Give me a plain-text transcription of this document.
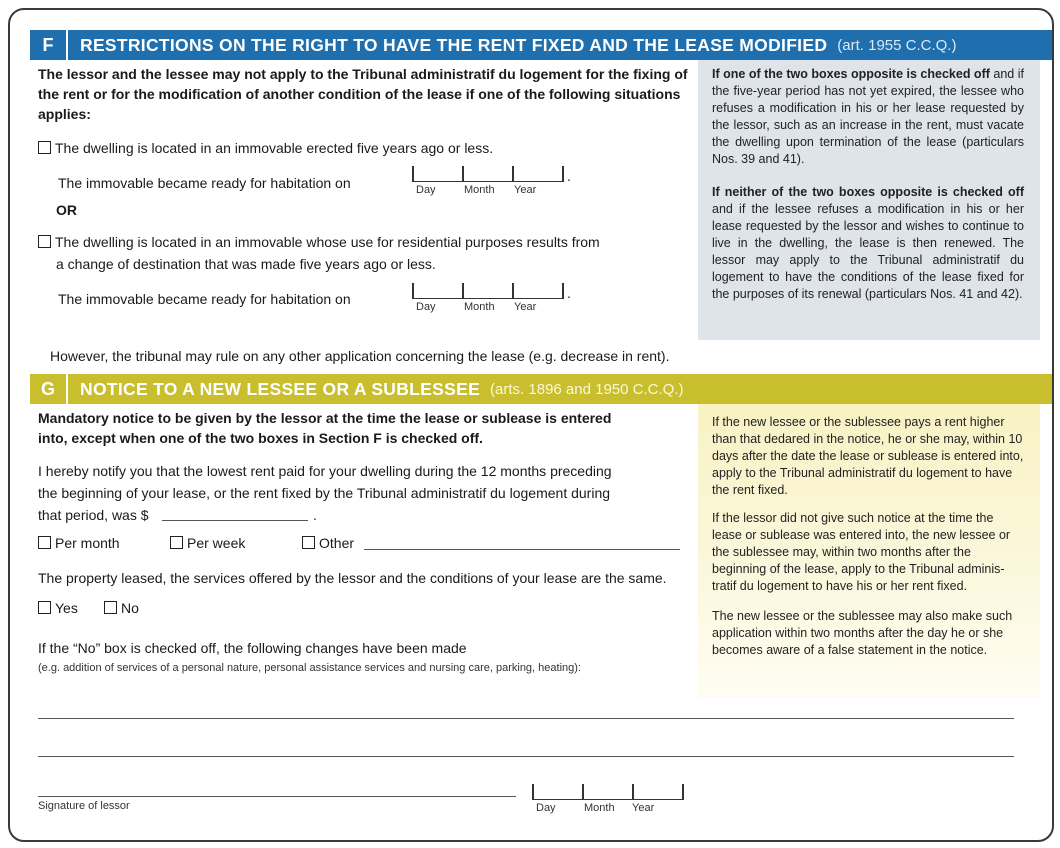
F	RESTRICTIONS ON THE RIGHT TO HAVE THE RENT FIXED AND THE LEASE MODIFIED (art. 1955 C.C.Q.)
The lessor and the lessee may not apply to the Tribunal administratif du logement for the fixing of the rent or for the modification of another condition of the lease if one of the following situations applies:
The dwelling is located in an immovable erected five years ago or less.
The immovable became ready for habitation on	.
Day	Month Year
OR
The dwelling is located in an immovable whose use for residential purposes results from
a change of destination that was made five years ago or less.
The immovable became ready for habitation on	.
Day	Month Year
If one of the two boxes opposite is checked off and if the five-year period has not yet expired, the lessee who refuses a modification in his or her lease requested by the lessor, such as an increase in the rent, must vacate the dwelling upon termination of the lease (particulars Nos. 39 and 41).
If neither of the two boxes opposite is checked off and if the lessee refuses a modification in his or her lease requested by the lessor and wishes to continue to live in the dwelling, the lease is then renewed. The lessor may apply to the Tribunal administratif du logement to have the conditions of the lease fixed for the purposes of its renewal (particulars Nos. 41 and 42).
However, the tribunal may rule on any other application concerning the lease (e.g. decrease in rent).
G	NOTICE TO A NEW LESSEE OR A SUBLESSEE (arts. 1896 and 1950 C.C.Q.)
Mandatory notice to be given by the lessor at the time the lease or sublease is entered into, except when one of the two boxes in Section F is checked off.
I hereby notify you that the lowest rent paid for your dwelling during the 12 months preceding
the beginning of your lease, or the rent fixed by the Tribunal administratif du logement during
that period, was $	.
Per month	Per week	Other
The property leased, the services offered by the lessor and the conditions of your lease are the same.
Yes	No
If the “No” box is checked off, the following changes have been made
(e.g. addition of services of a personal nature, personal assistance services and nursing care, parking, heating):
If the new lessee or the sublessee pays a rent higher than that dedared in the notice, he or she may, within 10 days after the date the lease or sublease is entered into, apply to the Tribunal administratif du logement to have the rent fixed.
If the lessor did not give such notice at the time the lease or sublease was entered into, the new lessee or the sublessee may, within two months after the beginning of the lease, apply to the Tribunal adminis-tratif du logement to have his or her rent fixed.
The new lessee or the sublessee may also make such application within two months after the day he or she becomes aware of a false statement in the notice.
Signature of lessor	Day	Month Year
